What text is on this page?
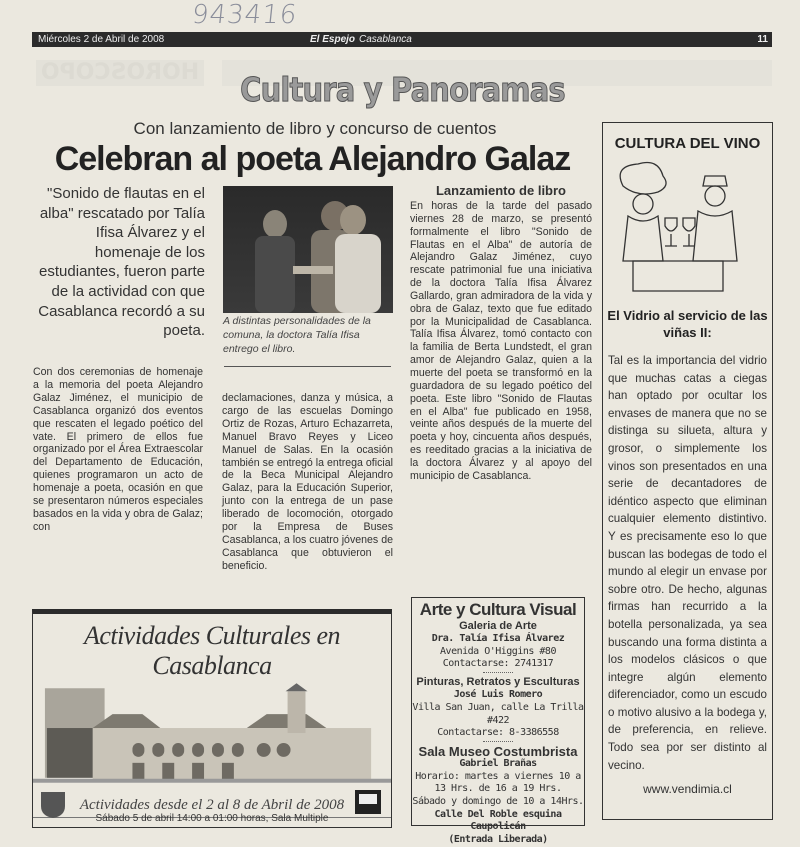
943416
Miércoles 2 de Abril de 2008	El Espejo Casablanca	11
HOROSCOPO	Cultura y Panoramas
Con lanzamiento de libro y concurso de cuentos
Celebran al poeta Alejandro Galaz
"Sonido de flautas en el alba" rescatado por Talía Ifisa Álvarez y el homenaje de los estudiantes, fueron parte de la actividad con que Casablanca recordó a su poeta.
A distintas personalidades de la comuna, la doctora Talía Ifisa entrego el libro.
Con dos ceremonias de homenaje a la memoria del poeta Alejandro Galaz Jiménez, el municipio de Casablanca organizó dos eventos que rescaten el legado poético del vate. El primero de ellos fue organizado por el Área Extraescolar del Departamento de Educación, quienes programaron un acto de homenaje a poeta, ocasión en que se presentaron números especiales basados en la vida y obra de Galaz; con
declamaciones, danza y música, a cargo de las escuelas Domingo Ortiz de Rozas, Arturo Echazarreta, Manuel Bravo Reyes y Liceo Manuel de Salas. En la ocasión también se entregó la entrega oficial de la Beca Municipal Alejandro Galaz, para la Educación Superior, junto con la entrega de un pase liberado de locomoción, otorgado por la Empresa de Buses Casablanca, a los cuatro jóvenes de Casablanca que obtuvieron el beneficio.
Lanzamiento de libro
En horas de la tarde del pasado viernes 28 de marzo, se presentó formalmente el libro "Sonido de Flautas en el Alba" de autoría de Alejandro Galaz Jiménez, cuyo rescate patrimonial fue una iniciativa de la doctora Talía Ifisa Álvarez Gallardo, gran admiradora de la vida y obra de Galaz, texto que fue editado por la Municipalidad de Casablanca. Talía Ifisa Álvarez, tomó contacto con la familia de Berta Lundstedt, el gran amor de Alejandro Galaz, quien a la muerte del poeta se transformó en la guardadora de su legado poético del poeta. Este libro "Sonido de Flautas en el Alba" fue publicado en 1958, veinte años después de la muerte del poeta y hoy, cincuenta años después, es reeditado gracias a la iniciativa de la doctora Álvarez y al apoyo del municipio de Casablanca.
Arte y Cultura Visual
Galeria de Arte
Dra. Talía Ifisa Álvarez
Avenida O'Higgins #80
Contactarse: 2741317
Pinturas, Retratos y Esculturas
José Luis Romero
Villa San Juan, calle La Trilla #422
Contactarse: 8-3386558
Sala Museo Costumbrista
Gabriel Brañas
Horario: martes a viernes 10 a 13 Hrs. de 16 a 19 Hrs.
Sábado y domingo de 10 a 14Hrs.
Calle Del Roble esquina Caupolicán
(Entrada Liberada)
CULTURA DEL VINO
El Vidrio al servicio de las viñas II:
Tal es la importancia del vidrio que muchas catas a ciegas han optado por ocultar los envases de manera que no se distinga su silueta, altura y grosor, o simplemente los vinos son presentados en una serie de decantadores de idéntico aspecto que eliminan cualquier elemento distintivo. Y es precisamente eso lo que buscan las bodegas de todo el mundo al elegir un envase por sobre otro. De hecho, algunas firmas han recurrido a la botella personalizada, ya sea buscando una forma distinta a los modelos clásicos o que integre algún elemento diferenciador, como un escudo o motivo alusivo a la bodega y, de preferencia, en relieve. Todo sea por ser distinto al vecino.
www.vendimia.cl
Actividades Culturales en Casablanca
Actividades desde el 2 al 8 de Abril de 2008
Sábado 5 de abril 14:00 a 01:00 horas, Sala Multiple
